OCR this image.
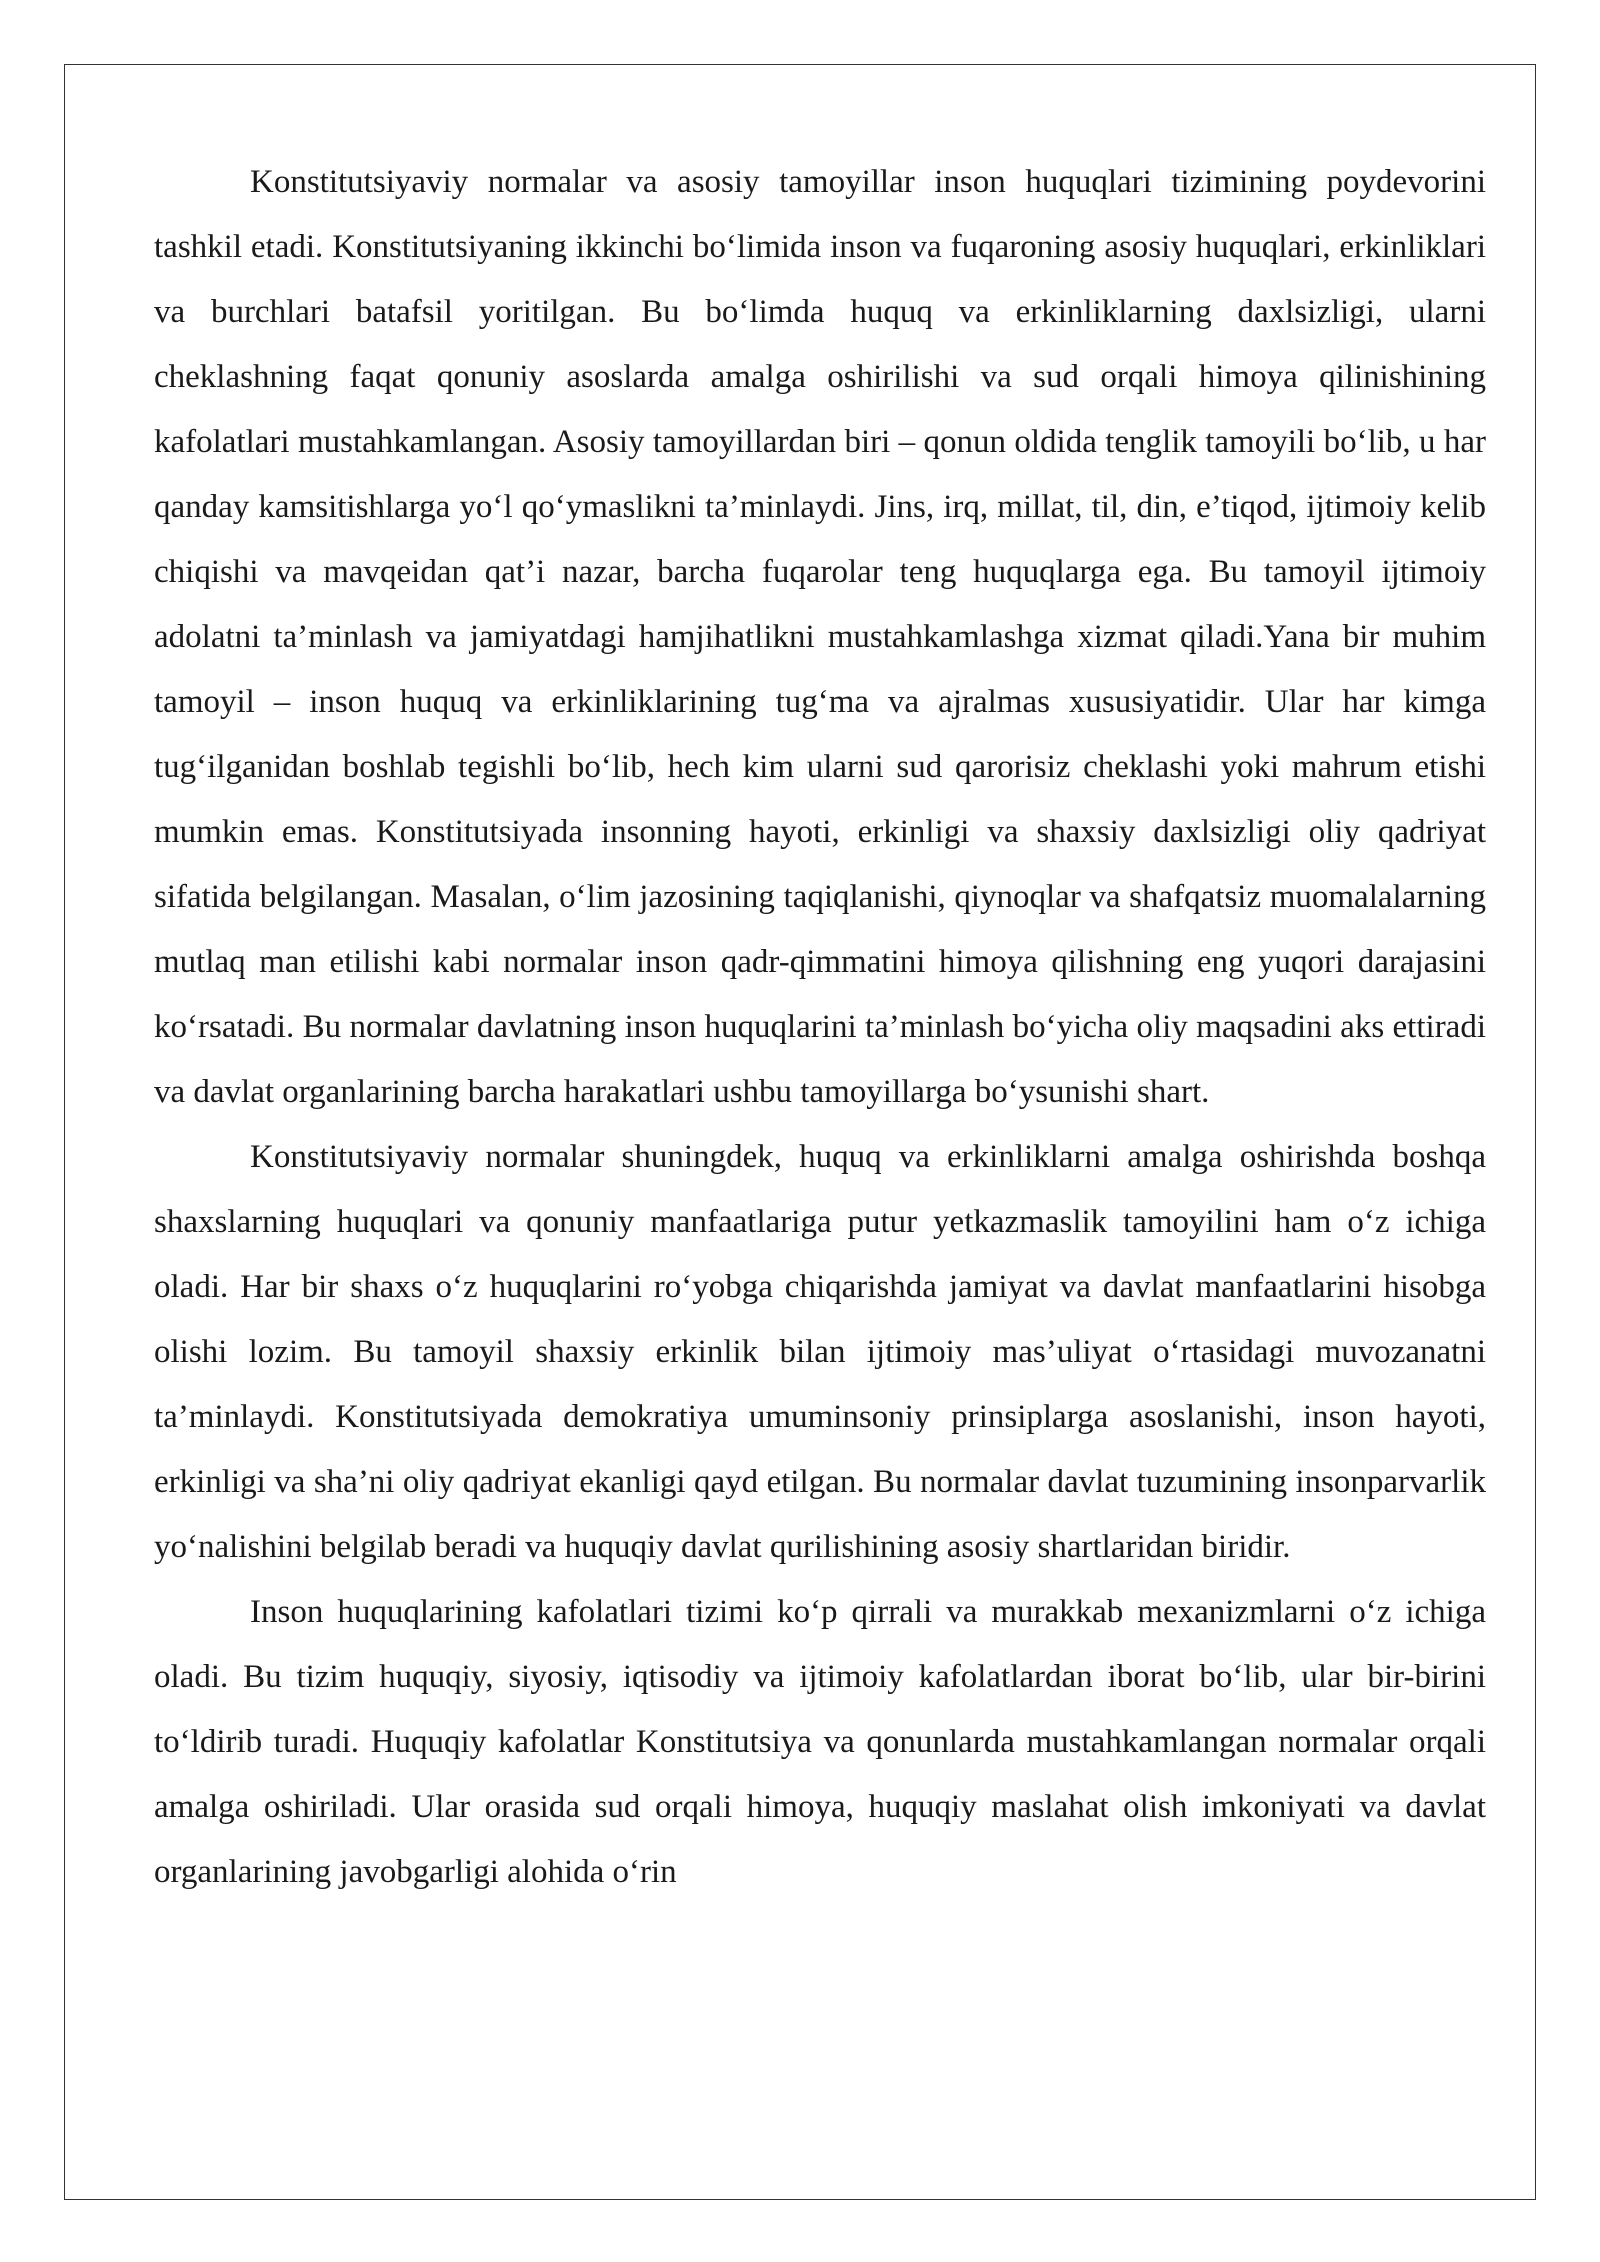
Konstitutsiyaviy normalar va asosiy tamoyillar inson huquqlari tizimining poydevorini tashkil etadi. Konstitutsiyaning ikkinchi bo‘limida inson va fuqaroning asosiy huquqlari, erkinliklari va burchlari batafsil yoritilgan. Bu bo‘limda huquq va erkinliklarning daxlsizligi, ularni cheklashning faqat qonuniy asoslarda amalga oshirilishi va sud orqali himoya qilinishining kafolatlari mustahkamlangan. Asosiy tamoyillardan biri – qonun oldida tenglik tamoyili bo‘lib, u har qanday kamsitishlarga yo‘l qo‘ymaslikni ta’minlaydi. Jins, irq, millat, til, din, e’tiqod, ijtimoiy kelib chiqishi va mavqeidan qat’i nazar, barcha fuqarolar teng huquqlarga ega. Bu tamoyil ijtimoiy adolatni ta’minlash va jamiyatdagi hamjihatlikni mustahkamlashga xizmat qiladi.Yana bir muhim tamoyil – inson huquq va erkinliklarining tug‘ma va ajralmas xususiyatidir. Ular har kimga tug‘ilganidan boshlab tegishli bo‘lib, hech kim ularni sud qarorisiz cheklashi yoki mahrum etishi mumkin emas. Konstitutsiyada insonning hayoti, erkinligi va shaxsiy daxlsizligi oliy qadriyat sifatida belgilangan. Masalan, o‘lim jazosining taqiqlanishi, qiynoqlar va shafqatsiz muomalalarning mutlaq man etilishi kabi normalar inson qadr-qimmatini himoya qilishning eng yuqori darajasini ko‘rsatadi. Bu normalar davlatning inson huquqlarini ta’minlash bo‘yicha oliy maqsadini aks ettiradi va davlat organlarining barcha harakatlari ushbu tamoyillarga bo‘ysunishi shart.

Konstitutsiyaviy normalar shuningdek, huquq va erkinliklarni amalga oshirishda boshqa shaxslarning huquqlari va qonuniy manfaatlariga putur yetkazmaslik tamoyilini ham o‘z ichiga oladi. Har bir shaxs o‘z huquqlarini ro‘yobga chiqarishda jamiyat va davlat manfaatlarini hisobga olishi lozim. Bu tamoyil shaxsiy erkinlik bilan ijtimoiy mas’uliyat o‘rtasidagi muvozanatni ta’minlaydi. Konstitutsiyada demokratiya umuminsoniy prinsiplarga asoslanishi, inson hayoti, erkinligi va sha’ni oliy qadriyat ekanligi qayd etilgan. Bu normalar davlat tuzumining insonparvarlik yo‘nalishini belgilab beradi va huquqiy davlat qurilishining asosiy shartlaridan biridir.

Inson huquqlarining kafolatlari tizimi ko‘p qirrali va murakkab mexanizmlarni o‘z ichiga oladi. Bu tizim huquqiy, siyosiy, iqtisodiy va ijtimoiy kafolatlardan iborat bo‘lib, ular bir-birini to‘ldirib turadi. Huquqiy kafolatlar Konstitutsiya va qonunlarda mustahkamlangan normalar orqali amalga oshiriladi. Ular orasida sud orqali himoya, huquqiy maslahat olish imkoniyati va davlat organlarining javobgarligi alohida o‘rin
